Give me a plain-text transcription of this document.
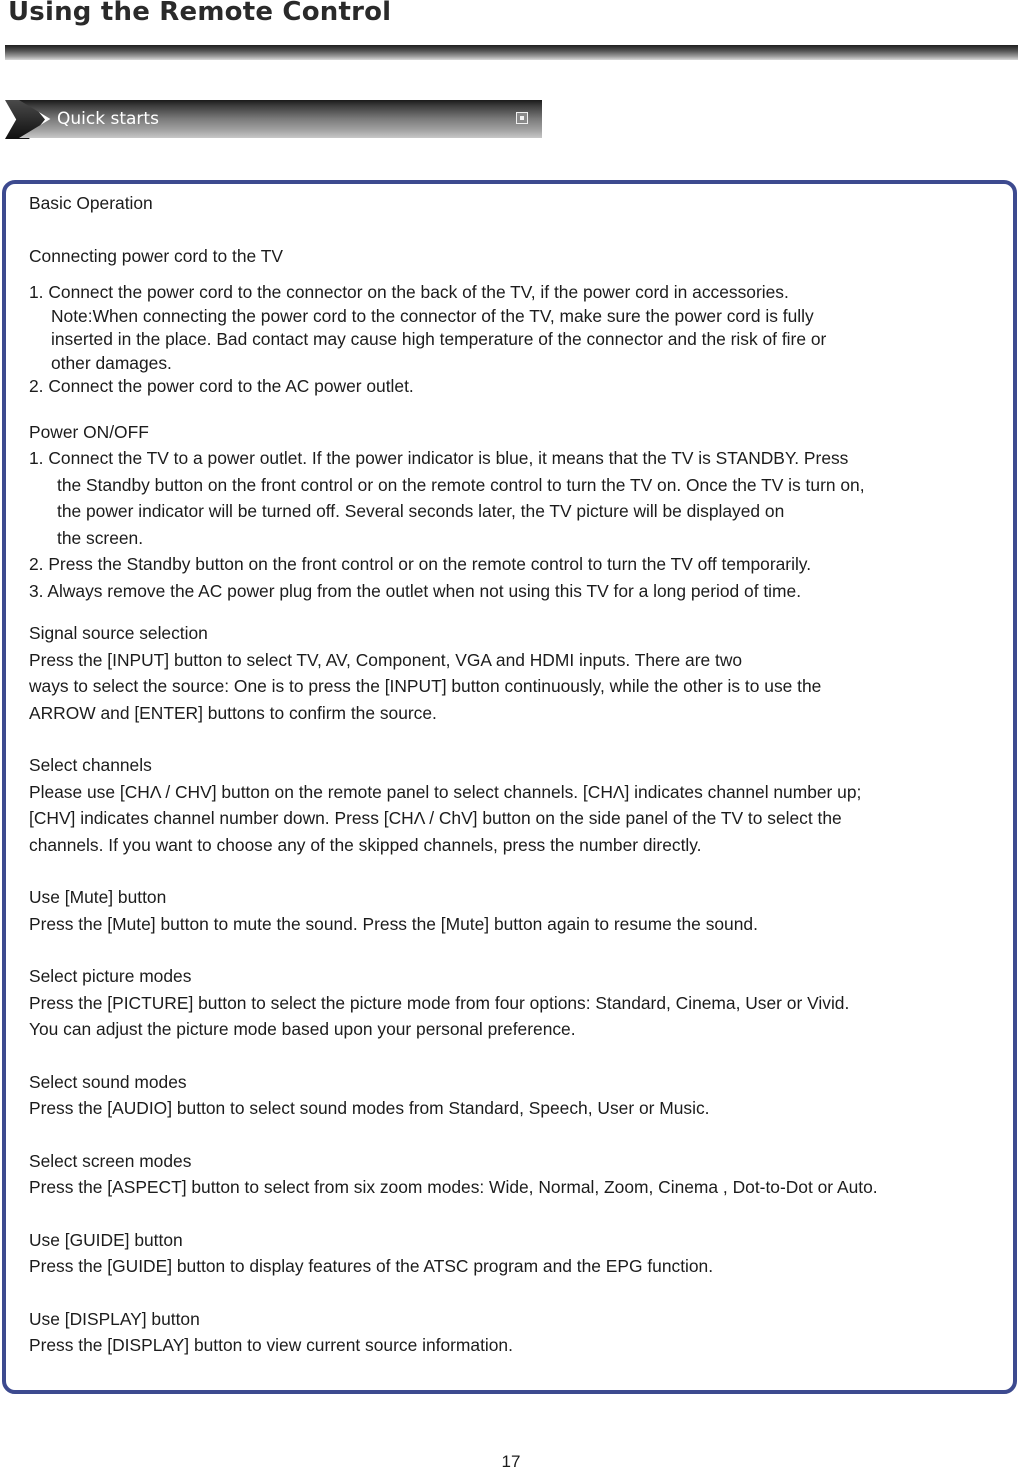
Using the Remote Control

Quick starts

Basic Operation

Connecting power cord to the TV

1. Connect the power cord to the connector on the back of the TV, if the power cord in accessories.

Note:When connecting the power cord to the connector of the TV, make sure the power cord is fully

inserted in the place. Bad contact may cause high temperature of the connector and the risk of fire or

other damages.

2. Connect the power cord to the AC power outlet.

Power ON/OFF

1. Connect the TV to a power outlet. If the power indicator is blue, it means that the TV is STANDBY. Press

the Standby button on the front control or on the remote control to turn the TV on. Once the TV is turn on,

the power indicator will be turned off. Several seconds later, the TV picture will be displayed on

the screen.

2. Press the Standby button on the front control or on the remote control to turn the TV off temporarily.

3. Always remove the AC power plug from the outlet when not using this TV for a long period of time.

Signal source selection

Press the [INPUT] button to select TV, AV, Component, VGA and HDMI inputs. There are two

ways to select the source: One is to press the [INPUT] button continuously, while the other is to use the

ARROW and [ENTER] buttons to confirm the source.

Select channels

Please use [CHΛ / CHV] button on the remote panel to select channels. [CHΛ] indicates channel number up;

[CHV] indicates channel number down. Press [CHΛ / ChV] button on the side panel of the TV to select the

channels. If you want to choose any of the skipped channels, press the number directly.

Use [Mute] button

Press the [Mute] button to mute the sound. Press the [Mute] button again to resume the sound.

Select picture modes

Press the [PICTURE] button to select the picture mode from four options: Standard, Cinema, User or Vivid.

You can adjust the picture mode based upon your personal preference.

Select sound modes

Press the [AUDIO] button to select sound modes from Standard, Speech, User or Music.

Select screen modes

Press the [ASPECT] button to select from six zoom modes: Wide, Normal, Zoom, Cinema , Dot-to-Dot or Auto.

Use [GUIDE] button

Press the [GUIDE] button to display features of the ATSC program and the EPG function.

Use [DISPLAY] button

Press the [DISPLAY] button to view current source information.

17
